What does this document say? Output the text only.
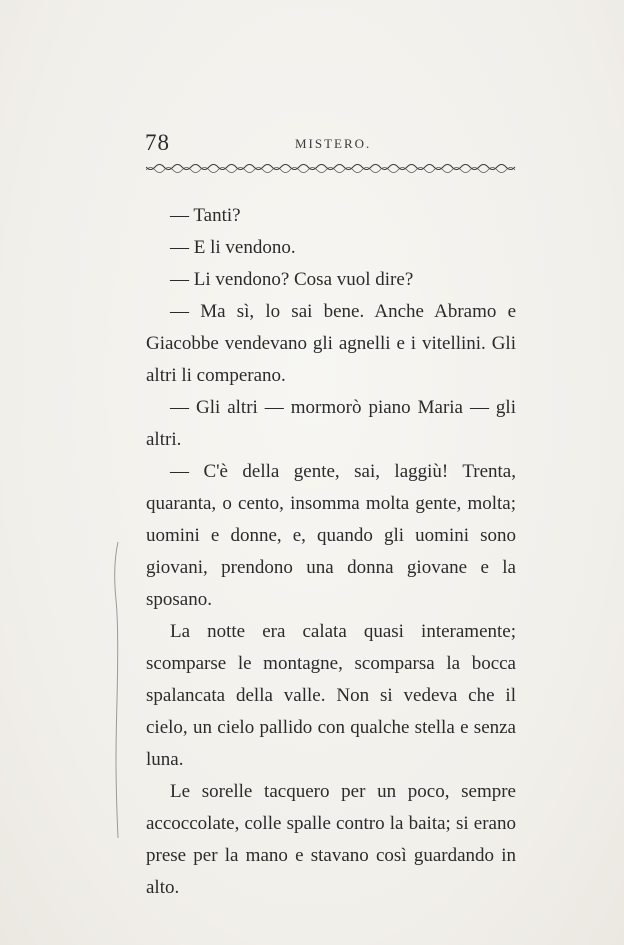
78	MISTERO.

— Tanti?

— E li vendono.

— Li vendono? Cosa vuol dire?

— Ma sì, lo sai bene. Anche Abramo e Giacobbe vendevano gli agnelli e i vitellini. Gli altri li comperano.

— Gli altri — mormorò piano Maria — gli altri.

— C'è della gente, sai, laggiù! Trenta, quaranta, o cento, insomma molta gente, molta; uomini e donne, e, quando gli uomini sono giovani, prendono una donna giovane e la sposano.

La notte era calata quasi interamente; scomparse le montagne, scomparsa la bocca spalancata della valle. Non si vedeva che il cielo, un cielo pallido con qualche stella e senza luna.

Le sorelle tacquero per un poco, sempre accoccolate, colle spalle contro la baita; si erano prese per la mano e stavano così guardando in alto.
